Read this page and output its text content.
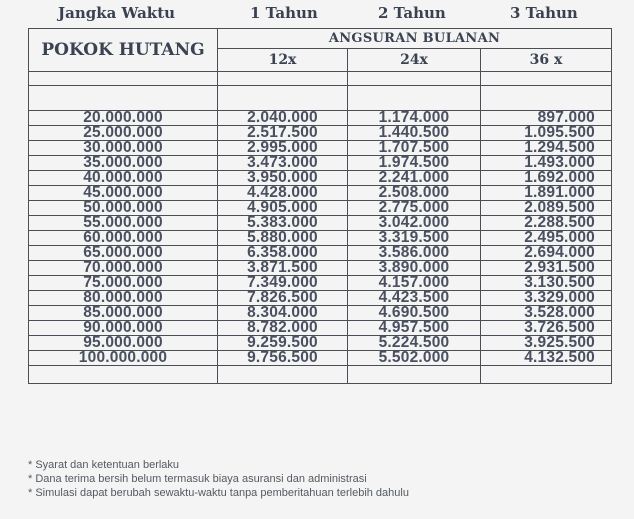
Jangka Waktu	1 Tahun	2 Tahun	3 Tahun
POKOK HUTANG	ANGSURAN BULANAN		
	12x	24x	36 x

20.000.000	2.040.000	1.174.000	897.000
25.000.000	2.517.500	1.440.500	1.095.500
30.000.000	2.995.000	1.707.500	1.294.500
35.000.000	3.473.000	1.974.500	1.493.000
40.000.000	3.950.000	2.241.000	1.692.000
45.000.000	4.428.000	2.508.000	1.891.000
50.000.000	4.905.000	2.775.000	2.089.500
55.000.000	5.383.000	3.042.000	2.288.500
60.000.000	5.880.000	3.319.500	2.495.000
65.000.000	6.358.000	3.586.000	2.694.000
70.000.000	3.871.500	3.890.000	2.931.500
75.000.000	7.349.000	4.157.000	3.130.500
80.000.000	7.826.500	4.423.500	3.329.000
85.000.000	8.304.000	4.690.500	3.528.000
90.000.000	8.782.000	4.957.500	3.726.500
95.000.000	9.259.500	5.224.500	3.925.500
100.000.000	9.756.500	5.502.000	4.132.500

* Syarat dan ketentuan berlaku
* Dana terima bersih belum termasuk biaya asuransi dan administrasi
* Simulasi dapat berubah sewaktu-waktu tanpa pemberitahuan terlebih dahulu
